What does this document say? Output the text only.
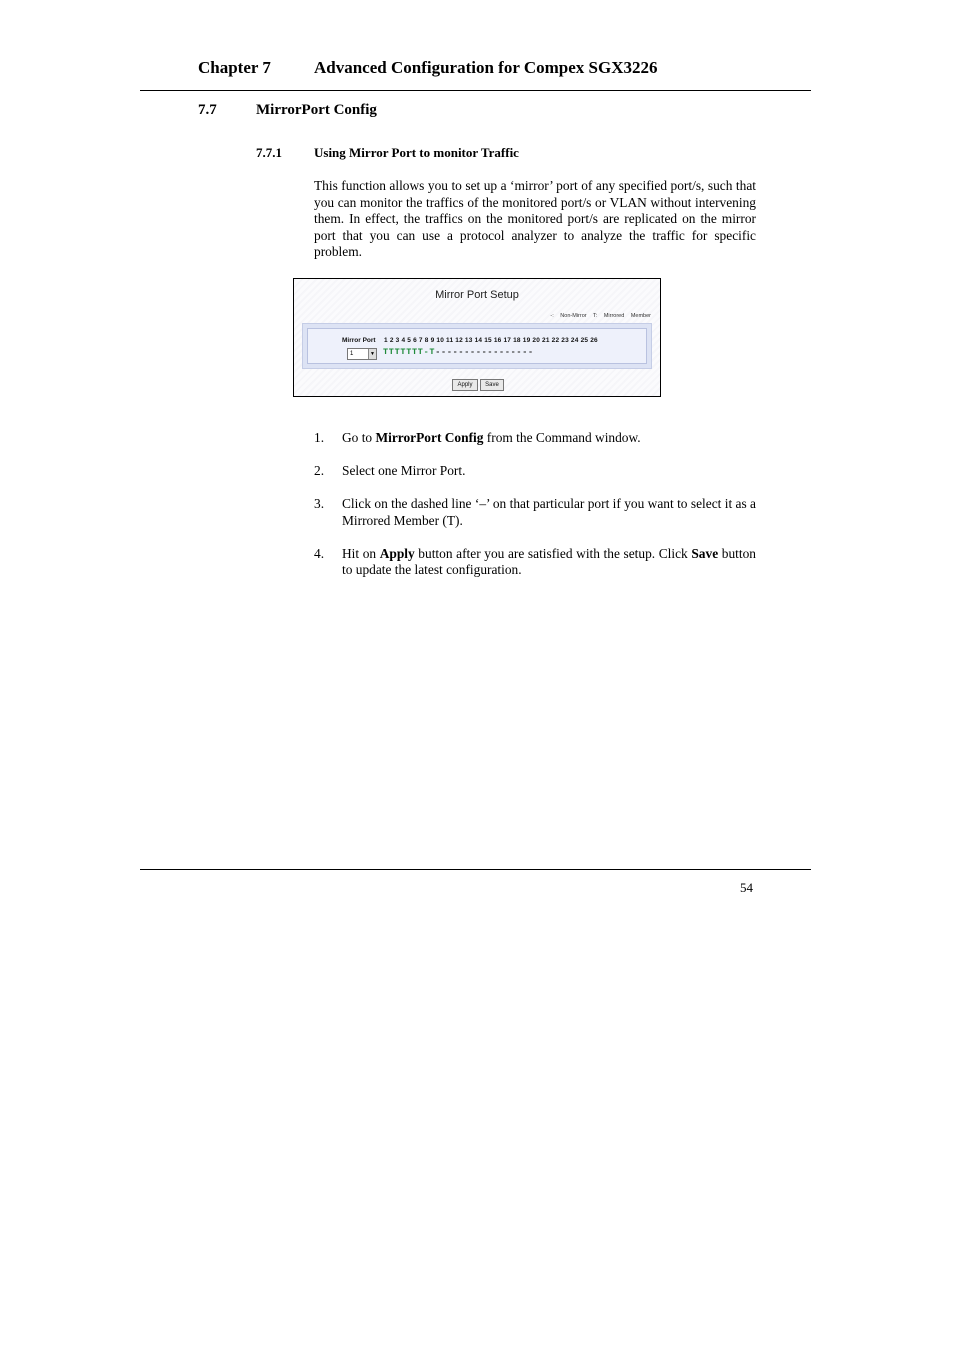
Chapter 7	Advanced Configuration for Compex SGX3226
7.7	MirrorPort Config
7.7.1 Using Mirror Port to monitor Traffic
This function allows you to set up a ‘mirror’ port of any specified port/s, such that you can monitor the traffics of the monitored port/s or VLAN without intervening them. In effect, the traffics on the monitored port/s are replicated on the mirror port that you can use a protocol analyzer to analyze the traffic for specific problem.
Mirror Port Setup
-: Non-Mirror T: Mirrored Member
Mirror Port 1 2 3 4 5 6 7 8 9 10 11 12 13 14 15 16 17 18 19 20 21 22 23 24 25 26
1	▼ TTTTTTT-T-----------------
Apply	Save
1. Go to MirrorPort Config from the Command window.
2. Select one Mirror Port.
3. Click on the dashed line ‘–’ on that particular port if you want to select it as a Mirrored Member (T).
4. Hit on Apply button after you are satisfied with the setup. Click Save button to update the latest configuration.
54
